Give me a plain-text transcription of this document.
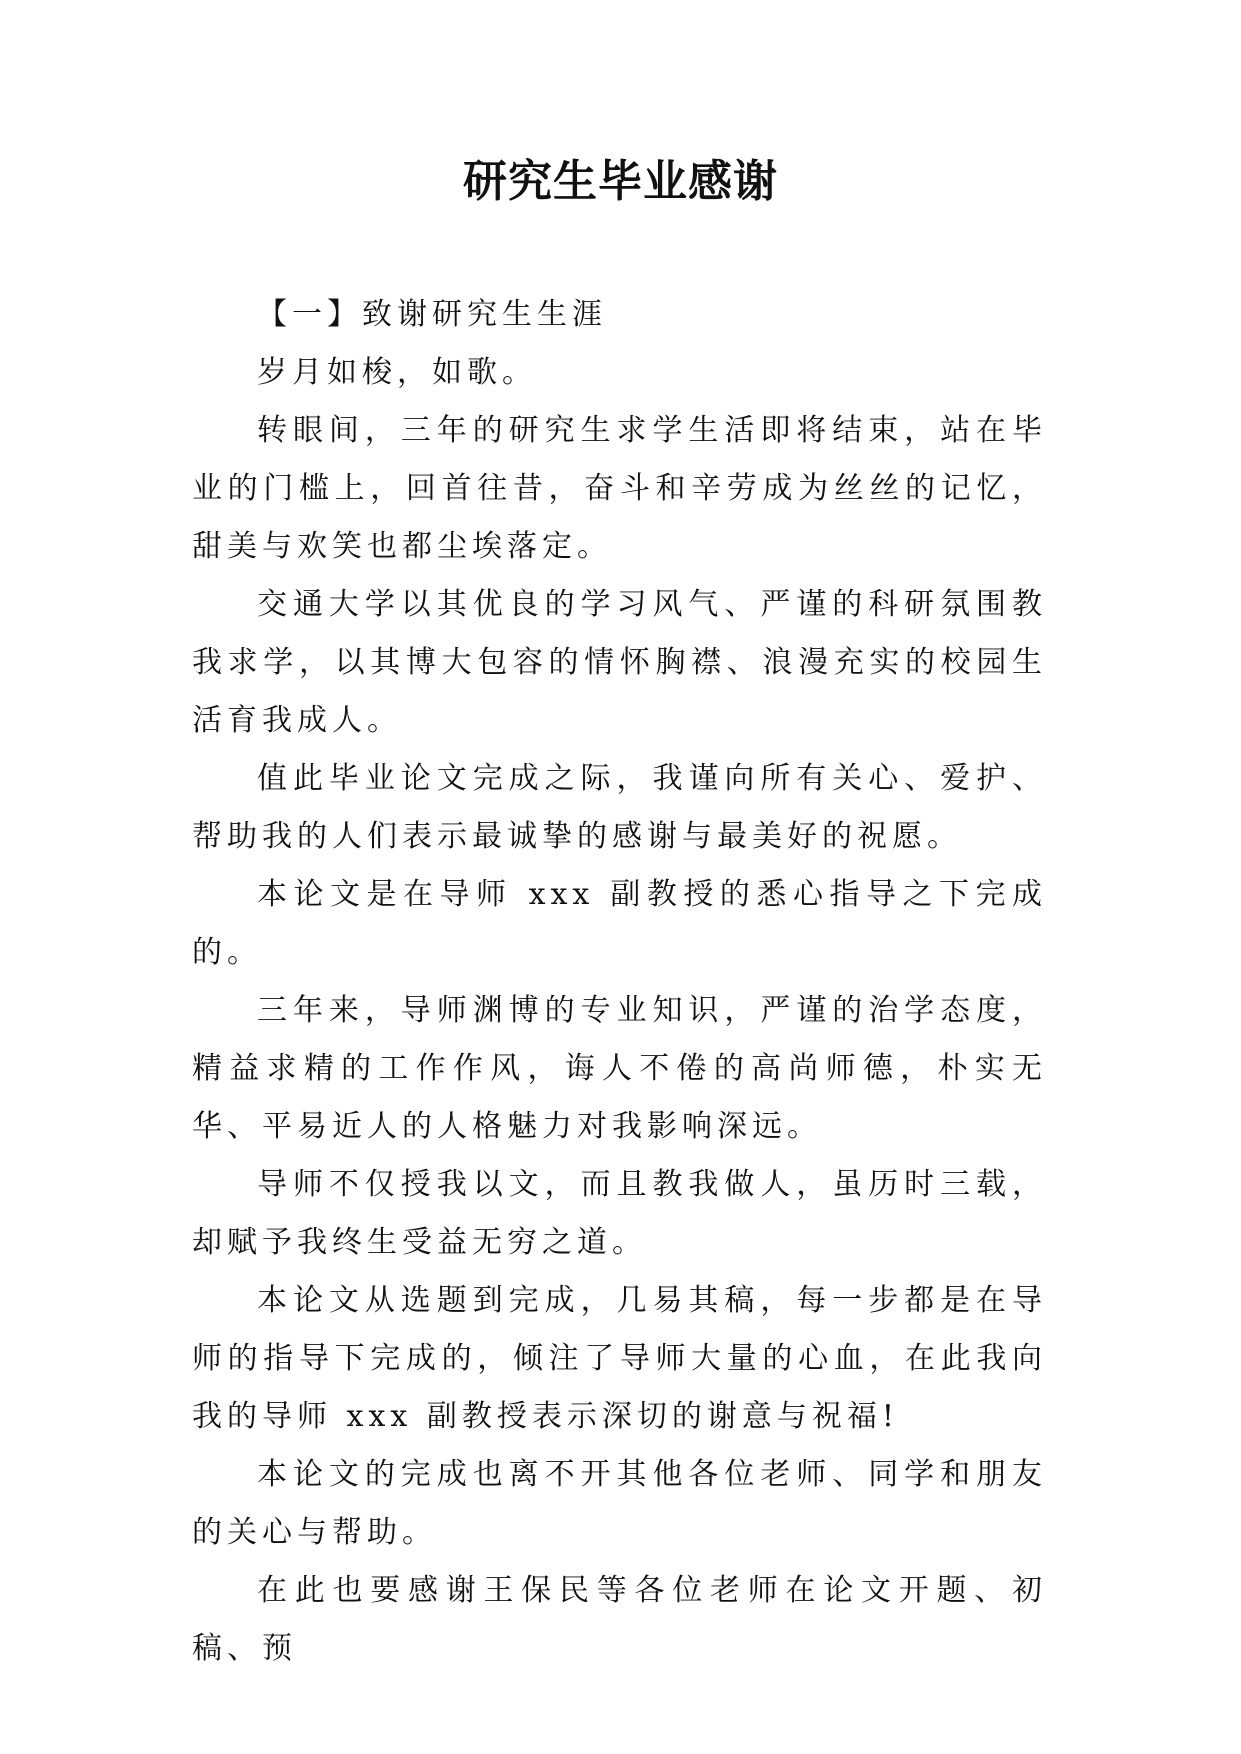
研究生毕业感谢

【一】致谢研究生生涯

岁月如梭，如歌。

转眼间，三年的研究生求学生活即将结束，站在毕业的门槛上，回首往昔，奋斗和辛劳成为丝丝的记忆，甜美与欢笑也都尘埃落定。

交通大学以其优良的学习风气、严谨的科研氛围教我求学，以其博大包容的情怀胸襟、浪漫充实的校园生活育我成人。

值此毕业论文完成之际，我谨向所有关心、爱护、帮助我的人们表示最诚挚的感谢与最美好的祝愿。

本论文是在导师 xxx 副教授的悉心指导之下完成的。

三年来，导师渊博的专业知识，严谨的治学态度，精益求精的工作作风，诲人不倦的高尚师德，朴实无华、平易近人的人格魅力对我影响深远。

导师不仅授我以文，而且教我做人，虽历时三载，却赋予我终生受益无穷之道。

本论文从选题到完成，几易其稿，每一步都是在导师的指导下完成的，倾注了导师大量的心血，在此我向我的导师 xxx 副教授表示深切的谢意与祝福!

本论文的完成也离不开其他各位老师、同学和朋友的关心与帮助。

在此也要感谢王保民等各位老师在论文开题、初稿、预
